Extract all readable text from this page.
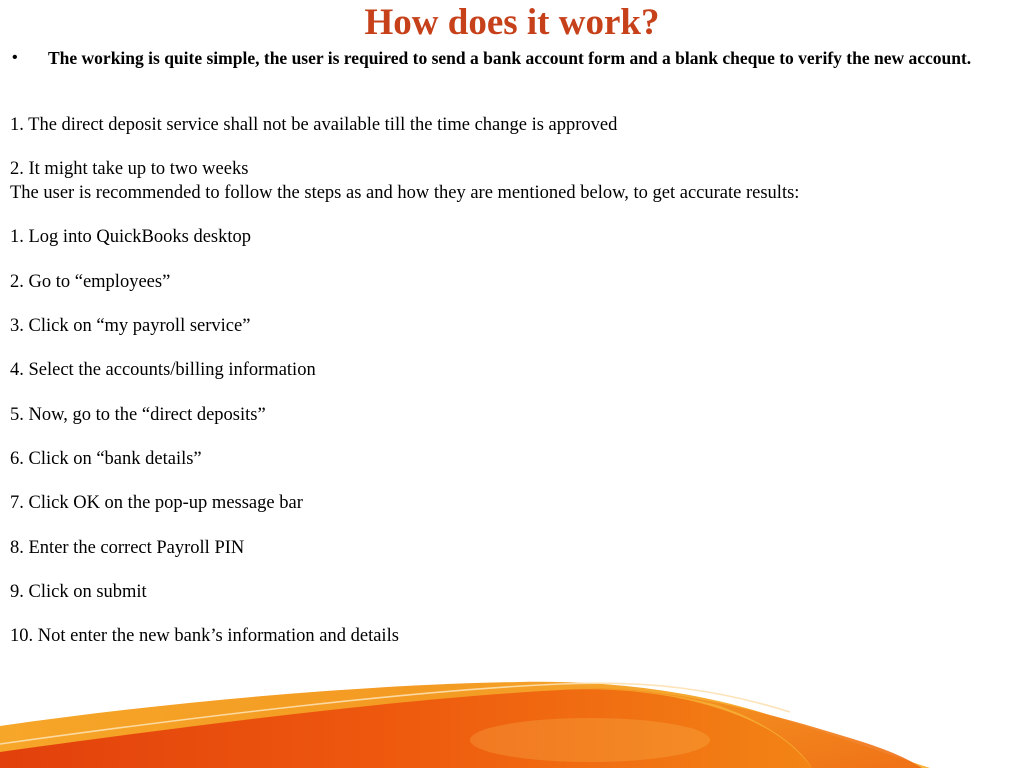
How does it work?
•	The working is quite simple, the user is required to send a bank account form and a blank cheque to verify the new account.
1. The direct deposit service shall not be available till the time change is approved
2. It might take up to two weeks
The user is recommended to follow the steps as and how they are mentioned below, to get accurate results:
1. Log into QuickBooks desktop
2. Go to “employees”
3. Click on “my payroll service”
4. Select the accounts/billing information
5. Now, go to the “direct deposits”
6. Click on “bank details”
7. Click OK on the pop-up message bar
8. Enter the correct Payroll PIN
9. Click on submit
10. Not enter the new bank’s information and details
